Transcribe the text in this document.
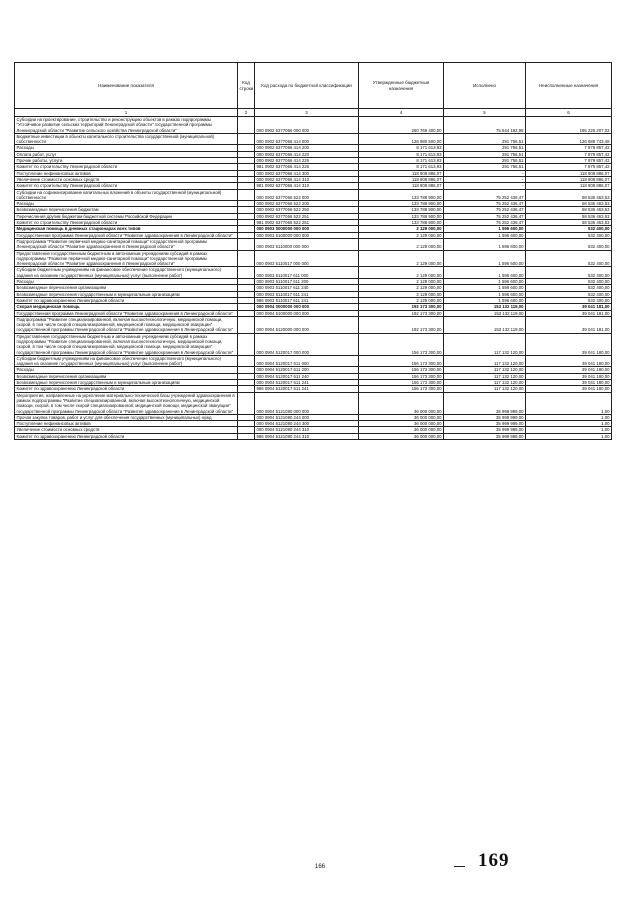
Наименование показателя	Код строки	Код расхода по бюджетной классификации	Утвержденные бюджетные назначения	Исполнено	Неисполненные назначения
1	2	3	4	5	6
Субсидии на проектирование, строительство и реконструкцию объектов в рамках подпрограммы "Устойчивое развитие сельских территорий Ленинградской области" государственной программы Ленинградской области "Развитие сельского хозяйства Ленинградской области"		000 0902 6377066 000 000	260 769 400,00	75 544 192,98	185 225 207,02
Бюджетные инвестиции в объекты капитального строительства государственной (муниципальной) собственности		000 0902 6377066 414 000	126 980 500,00	291 756,51	126 688 743,49
Расходы		000 0902 6377066 414 200	8 171 613,93	291 756,51	7 879 857,42
Оплата работ, услуг		000 0902 6377066 414 220	8 171 613,93	291 756,51	7 879 857,42
Прочие работы, услуги		000 0902 6377066 414 226	8 171 613,93	291 756,51	7 879 857,42
Комитет по строительству Ленинградской области		981 0902 6377066 414 226	8 171 613,93	291 756,51	7 879 857,42
Поступление нефинансовых активов		000 0902 6377066 414 300	118 808 886,07	-	118 808 886,07
Увеличение стоимости основных средств		000 0902 6377066 414 310	118 808 886,07	-	118 808 886,07
Комитет по строительству Ленинградской области		981 0902 6377066 414 310	118 808 886,07	-	118 808 886,07
Субсидии на софинансирование капитальных вложений в объекты государственной (муниципальной) собственности		000 0902 6377066 522 000	133 788 900,00	75 252 436,47	58 536 463,53
Расходы		000 0902 6377066 522 200	133 788 900,00	75 252 436,47	58 536 463,53
Безвозмездные перечисления бюджетам		000 0902 6377066 522 250	133 788 900,00	75 252 436,47	58 536 463,53
Перечисления другим бюджетам бюджетной системы Российской Федерации		000 0902 6377066 522 251	133 788 900,00	75 252 436,47	58 536 463,53
Комитет по строительству Ленинградской области		981 0902 6377066 522 251	133 788 900,00	75 252 436,47	58 536 463,53
Медицинская помощь в дневных стационарах всех типов		000 0903 0000000 000 000	2 129 000,00	1 596 600,00	532 400,00
Государственная программа Ленинградской области "Развитие здравоохранения в Ленинградской области"		000 0903 5100000 000 000	2 129 000,00	1 596 600,00	532 400,00
Подпрограмма "Развитие первичной медико-санитарной помощи" государственной программы Ленинградской области "Развитие здравоохранения в Ленинградской области"		000 0903 5110000 000 000	2 129 000,00	1 596 600,00	532 400,00
Предоставление государственным бюджетным и автономным учреждениям субсидий в рамках подпрограммы "Развитие первичной медико-санитарной помощи" государственной программы Ленинградской области "Развитие здравоохранения в Ленинградской области"		000 0903 5110017 000 000	2 129 000,00	1 596 600,00	532 400,00
Субсидии бюджетным учреждениям на финансовое обеспечение государственного (муниципального) задания на оказание государственных (муниципальных) услуг (выполнение работ)		000 0903 5110017 611 000	2 129 000,00	1 596 600,00	532 400,00
Расходы		000 0903 5110017 611 200	2 129 000,00	1 596 600,00	532 400,00
Безвозмездные перечисления организациям		000 0903 5110017 611 240	2 129 000,00	1 596 600,00	532 400,00
Безвозмездные перечисления государственным и муниципальным организациям		000 0903 5110017 611 241	2 129 000,00	1 596 600,00	532 400,00
Комитет по здравоохранению Ленинградской области		986 0903 5110017 611 241	2 129 000,00	1 596 600,00	532 400,00
Скорая медицинская помощь		000 0904 0000000 000 000	192 173 300,00	153 132 119,00	39 041 181,00
Государственная программа Ленинградской области "Развитие здравоохранения в Ленинградской области"		000 0904 5100000 000 000	192 173 300,00	153 132 119,00	39 041 181,00
Подпрограмма "Развитие специализированной, включая высокотехнологичную, медицинской помощи, скорой, в том числе скорой специализированной, медицинской помощи, медицинской эвакуации" государственной программы Ленинградской области "Развитие здравоохранения в Ленинградской области"		000 0904 5120000 000 000	192 173 300,00	153 132 119,00	39 041 181,00
Предоставление государственным бюджетным и автономным учреждениям субсидий в рамках подпрограммы "Развитие специализированной, включая высокотехнологичную, медицинской помощи, скорой, в том числе скорой специализированной, медицинской помощи, медицинской эвакуации" государственной программы Ленинградской области "Развитие здравоохранения в Ленинградской области"		000 0904 5120017 000 000	156 173 300,00	117 132 120,00	39 041 180,00
Субсидии бюджетным учреждениям на финансовое обеспечение государственного (муниципального) задания на оказание государственных (муниципальных) услуг (выполнение работ)		000 0904 5120017 611 000	156 173 300,00	117 132 120,00	39 041 180,00
Расходы		000 0904 5120017 611 200	156 173 300,00	117 132 120,00	39 041 180,00
Безвозмездные перечисления организациям		000 0904 5120017 611 240	156 173 300,00	117 132 120,00	39 041 180,00
Безвозмездные перечисления государственным и муниципальным организациям		000 0904 5120017 611 241	156 173 300,00	117 132 120,00	39 041 180,00
Комитет по здравоохранению Ленинградской области		986 0904 5120017 611 241	156 173 300,00	117 132 120,00	39 041 180,00
Мероприятия, направленные на укрепление материально-технической базы учреждений здравоохранения в рамках подпрограммы "Развитие специализированной, включая высокотехнологичную, медицинской помощи, скорой, в том числе скорой специализированной, медицинской помощи, медицинской эвакуации" государственной программы Ленинградской области "Развитие здравоохранения в Ленинградской области"		000 0904 5121080 000 000	36 000 000,00	35 999 999,00	1,00
Прочая закупка товаров, работ и услуг для обеспечения государственных (муниципальных) нужд		000 0904 5121080 244 000	36 000 000,00	35 999 999,00	1,00
Поступление нефинансовых активов		000 0904 5121080 244 300	36 000 000,00	35 999 999,00	1,00
Увеличение стоимости основных средств		000 0904 5121080 244 310	36 000 000,00	35 999 999,00	1,00
Комитет по здравоохранению Ленинградской области		986 0904 5121080 244 310	36 000 000,00	35 999 999,00	1,00
169
166
